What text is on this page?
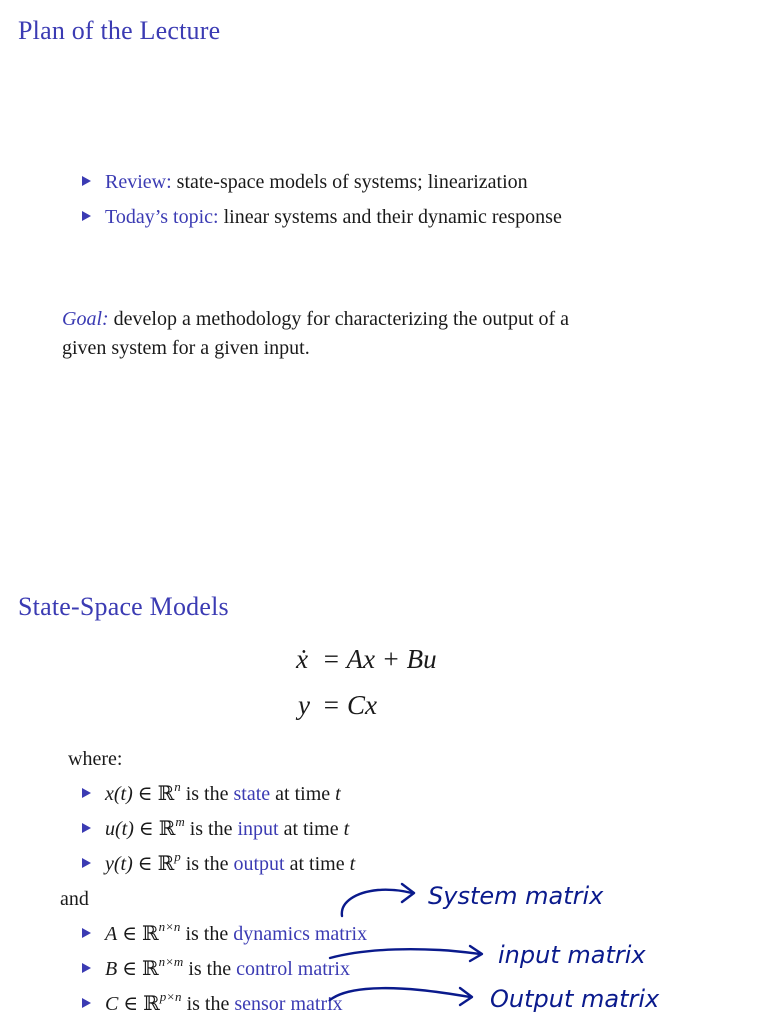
Plan of the Lecture
Review: state-space models of systems; linearization
Today’s topic: linear systems and their dynamic response
Goal: develop a methodology for characterizing the output of a
given system for a given input.
State-Space Models
ẋ = Ax + Bu
y = Cx
where:
x(t) ∈ ℝ$^n$ is the state at time t
u(t) ∈ ℝ$^m$ is the input at time t
y(t) ∈ ℝ$^p$ is the output at time t
and
A ∈ ℝ$^{n\times n}$ is the dynamics matrix
B ∈ ℝ$^{n\times m}$ is the control matrix
C ∈ ℝ$^{p\times n}$ is the sensor matrix
System matrix
input matrix
Output matrix
